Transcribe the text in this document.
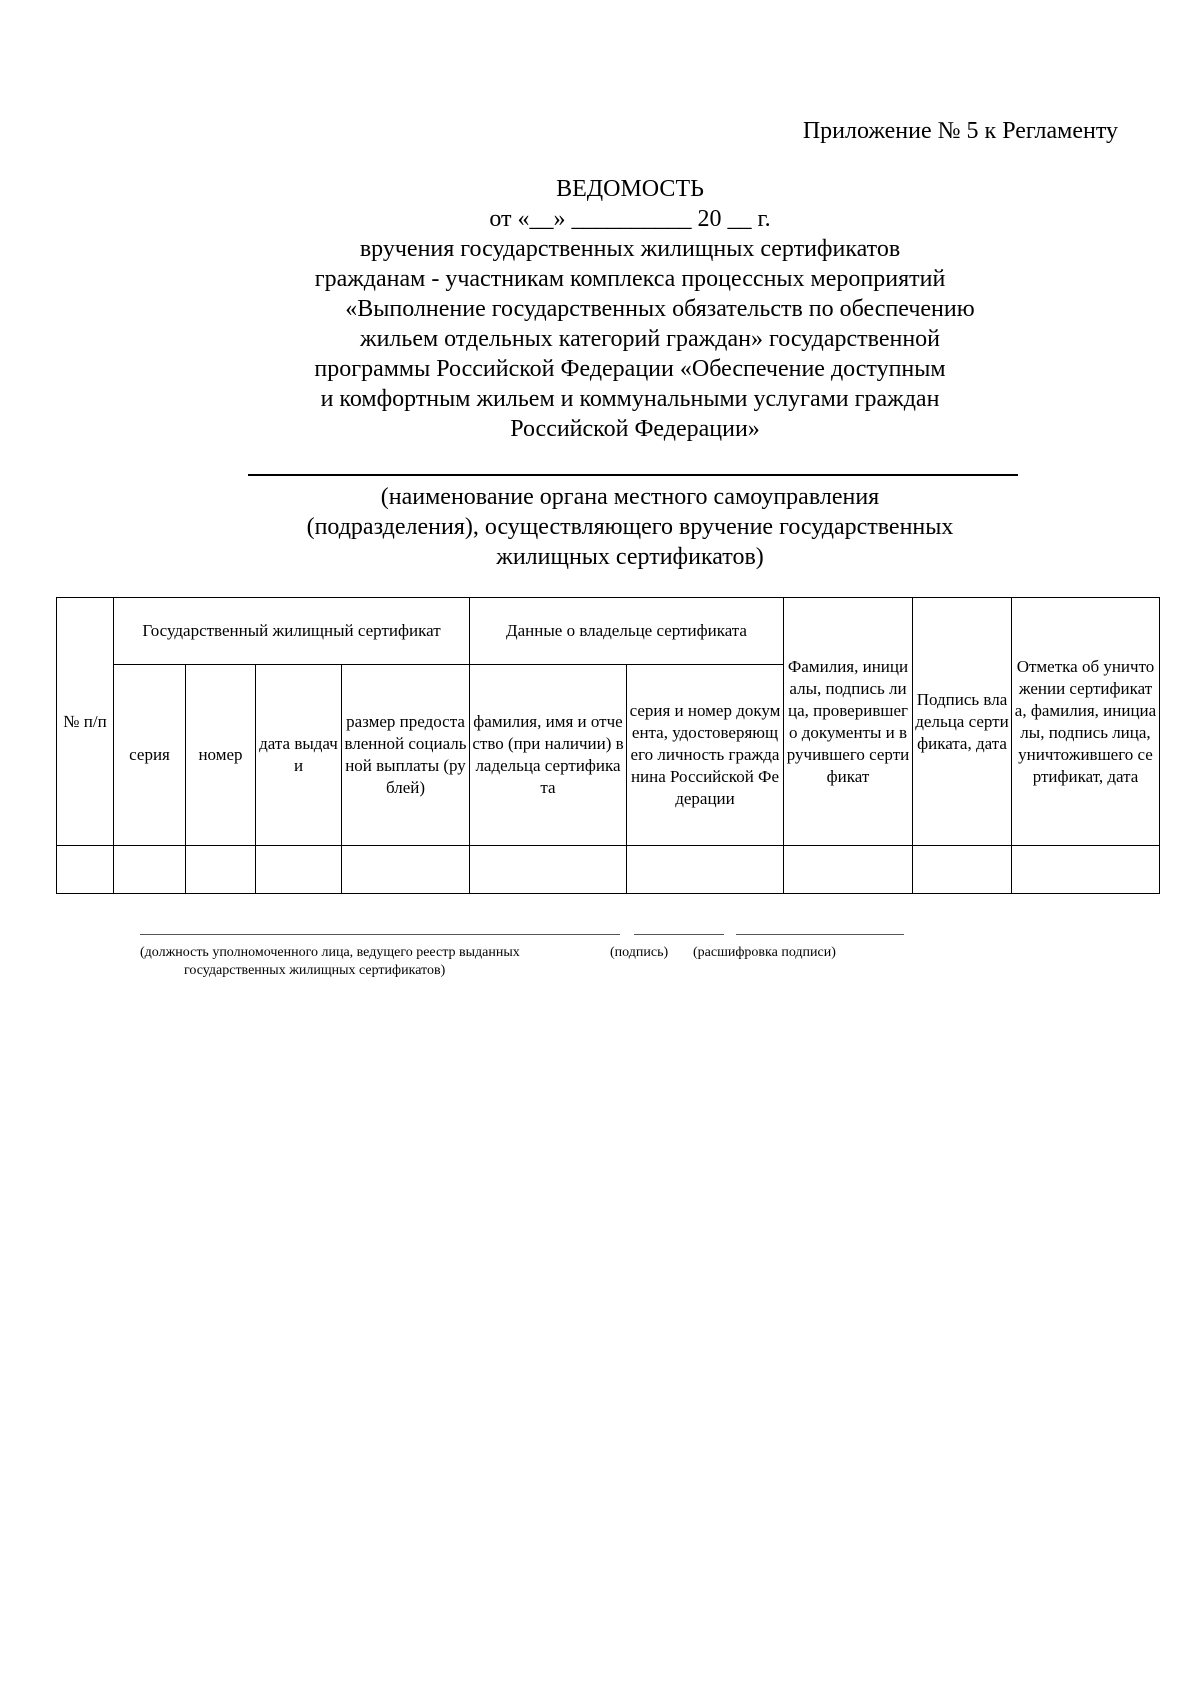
Приложение № 5 к Регламенту
ВЕДОМОСТЬ
от «__» __________ 20 __ г.
вручения государственных жилищных сертификатов
гражданам - участникам комплекса процессных мероприятий
«Выполнение государственных обязательств по обеспечению
жильем отдельных категорий граждан» государственной
программы Российской Федерации «Обеспечение доступным
и комфортным жильем и коммунальными услугами граждан
Российской Федерации»
(наименование органа местного самоуправления
(подразделения), осуществляющего вручение государственных
жилищных сертификатов)
№ п/п	Государственный жилищный сертификат				Данные о владельце сертификата		Фамилия, инициалы, подпись лица, проверившего документы и вручившего сертификат	Подпись владельца сертификата, дата	Отметка об уничтожении сертификата, фамилия, инициалы, подпись лица, уничтожившего сертификат, дата
	серия	номер	дата выдачи	размер предоставленной социальной выплаты (рублей)	фамилия, имя и отчество (при наличии) владельца сертификата	серия и номер документа, удостоверяющего личность гражданина Российской Федерации			

(должность уполномоченного лица, ведущего реестр выданных	(подпись) (расшифровка подписи)
государственных жилищных сертификатов)
